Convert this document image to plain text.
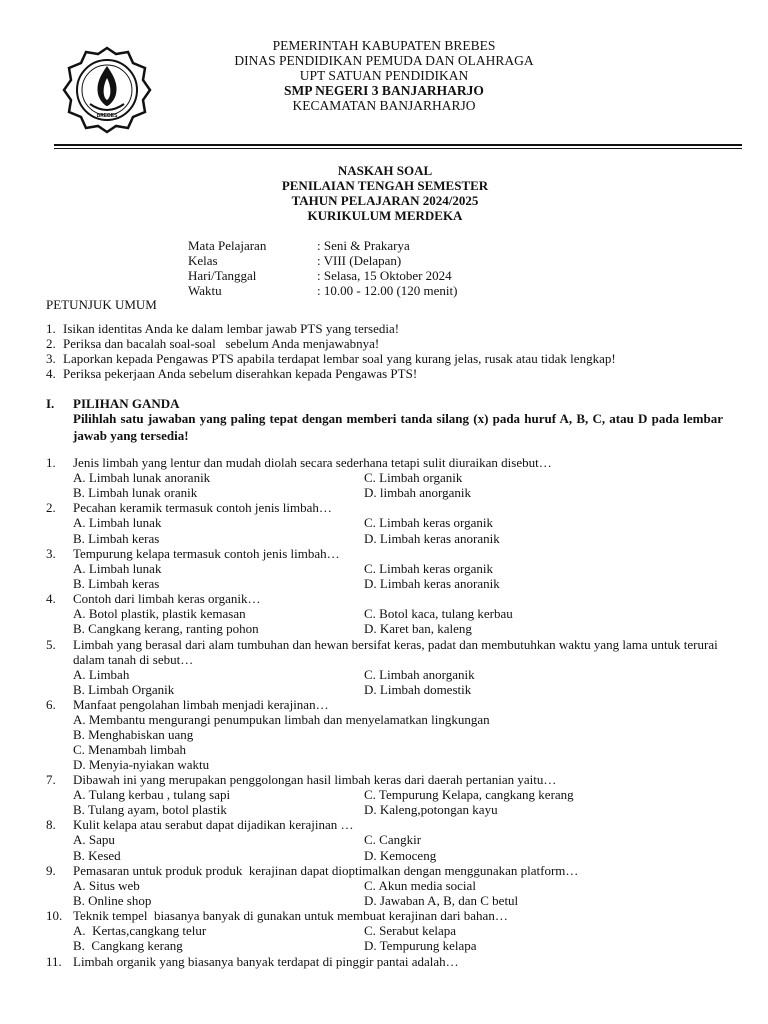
BREBES
PEMERINTAH KABUPATEN BREBES
DINAS PENDIDIKAN PEMUDA DAN OLAHRAGA
UPT SATUAN PENDIDIKAN
SMP NEGERI 3 BANJARHARJO
KECAMATAN BANJARHARJO
NASKAH SOAL
PENILAIAN TENGAH SEMESTER
TAHUN PELAJARAN 2024/2025
KURIKULUM MERDEKA
Mata Pelajaran	: Seni & Prakarya
Kelas	: VIII (Delapan)
Hari/Tanggal	: Selasa, 15 Oktober 2024
Waktu	: 10.00 - 12.00 (120 menit)
PETUNJUK UMUM
1. Isikan identitas Anda ke dalam lembar jawab PTS yang tersedia!
2. Periksa dan bacalah soal-soal   sebelum Anda menjawabnya!
3. Laporkan kepada Pengawas PTS apabila terdapat lembar soal yang kurang jelas, rusak atau tidak lengkap!
4. Periksa pekerjaan Anda sebelum diserahkan kepada Pengawas PTS!
I.	PILIHAN GANDA
Pilihlah satu jawaban yang paling tepat dengan memberi tanda silang (x) pada huruf A, B, C, atau D pada lembar jawab yang tersedia!
1.	Jenis limbah yang lentur dan mudah diolah secara sederhana tetapi sulit diuraikan disebut…
A. Limbah lunak anoranik	C. Limbah organik
B. Limbah lunak oranik	D. limbah anorganik
2.	Pecahan keramik termasuk contoh jenis limbah…
A. Limbah lunak	C. Limbah keras organik
B. Limbah keras	D. Limbah keras anoranik
3.	Tempurung kelapa termasuk contoh jenis limbah…
A. Limbah lunak	C. Limbah keras organik
B. Limbah keras	D. Limbah keras anoranik
4.	Contoh dari limbah keras organik…
A. Botol plastik, plastik kemasan	C. Botol kaca, tulang kerbau
B. Cangkang kerang, ranting pohon	D. Karet ban, kaleng
5.	Limbah yang berasal dari alam tumbuhan dan hewan bersifat keras, padat dan membutuhkan waktu yang lama untuk terurai dalam tanah di sebut…
A. Limbah	C. Limbah anorganik
B. Limbah Organik	D. Limbah domestik
6.	Manfaat pengolahan limbah menjadi kerajinan…
A. Membantu mengurangi penumpukan limbah dan menyelamatkan lingkungan
B. Menghabiskan uang
C. Menambah limbah
D. Menyia-nyiakan waktu
7.	Dibawah ini yang merupakan penggolongan hasil limbah keras dari daerah pertanian yaitu…
A. Tulang kerbau , tulang sapi	C. Tempurung Kelapa, cangkang kerang
B. Tulang ayam, botol plastik	D. Kaleng,potongan kayu
8.	Kulit kelapa atau serabut dapat dijadikan kerajinan …
A. Sapu	C. Cangkir
B. Kesed	D. Kemoceng
9.	Pemasaran untuk produk produk  kerajinan dapat dioptimalkan dengan menggunakan platform…
A. Situs web	C. Akun media social
B. Online shop	D. Jawaban A, B, dan C betul
10. Teknik tempel  biasanya banyak di gunakan untuk membuat kerajinan dari bahan…
A.  Kertas,cangkang telur	C. Serabut kelapa
B.  Cangkang kerang	D. Tempurung kelapa
11. Limbah organik yang biasanya banyak terdapat di pinggir pantai adalah…
